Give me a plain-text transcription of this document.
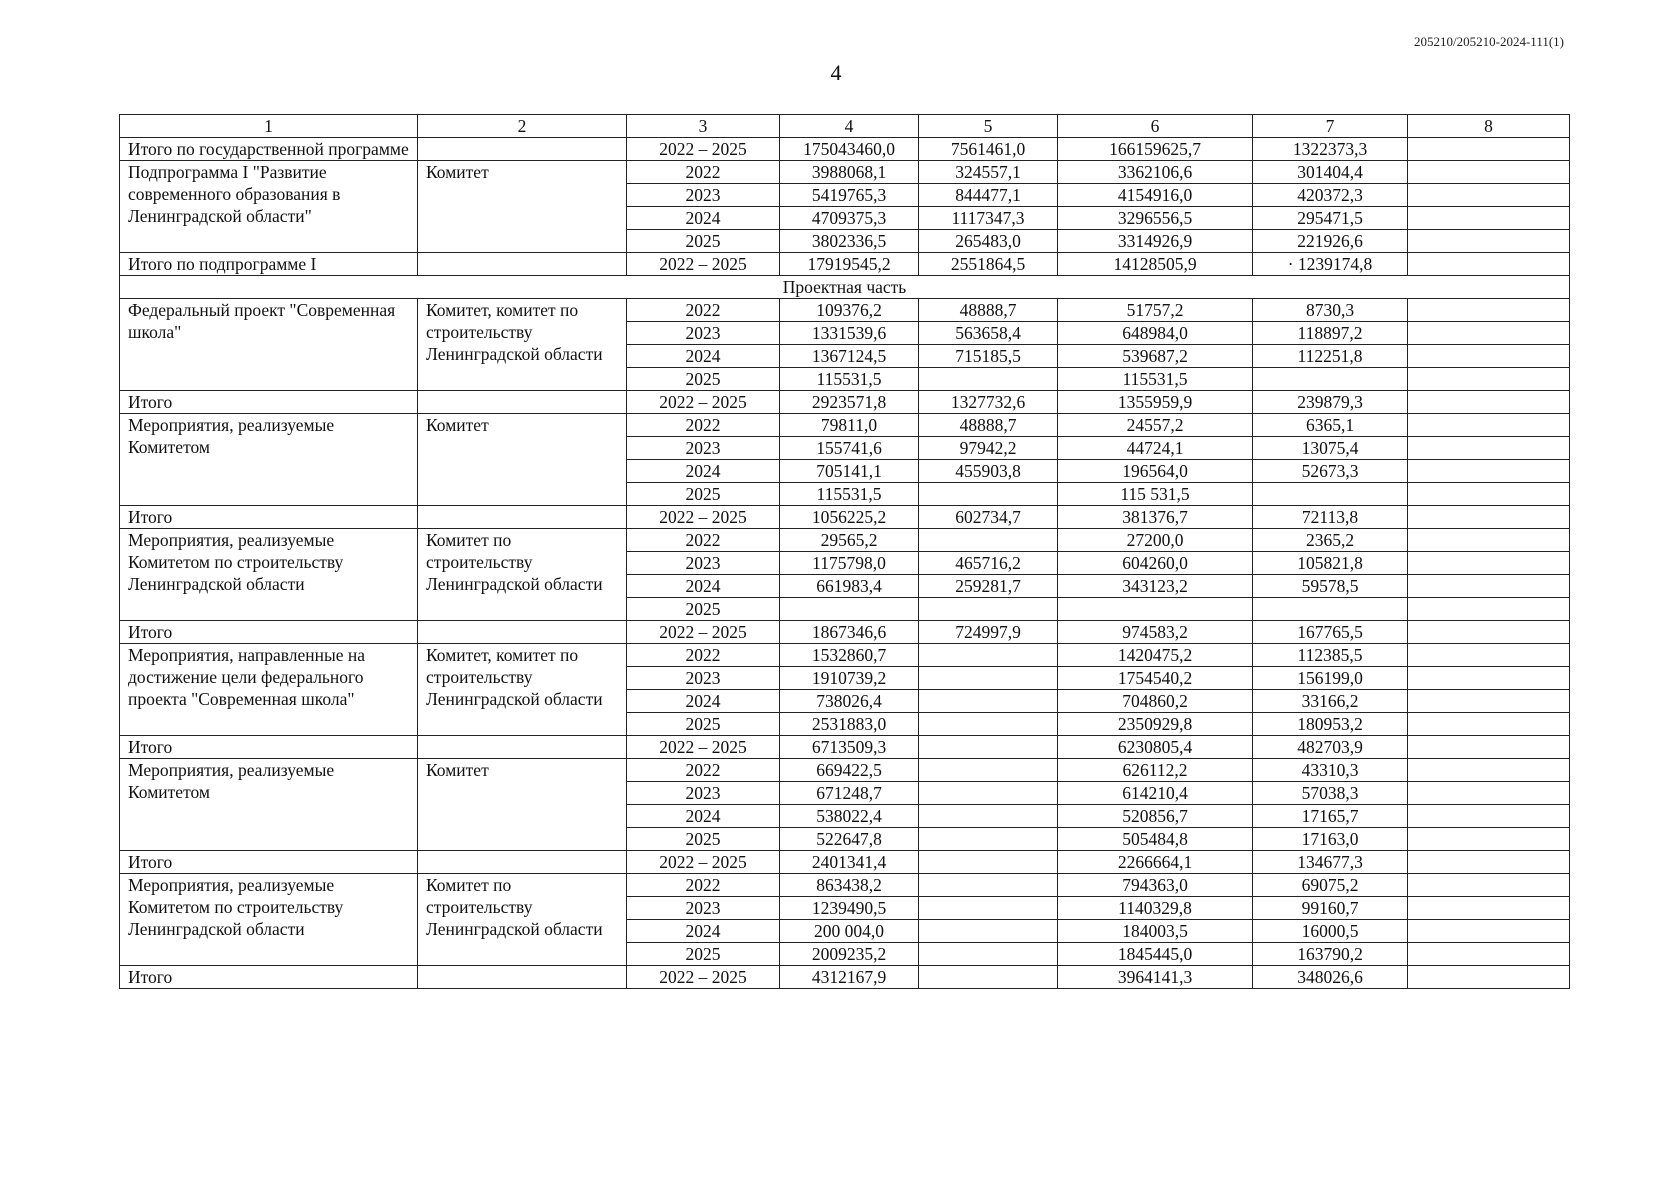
205210/205210-2024-111(1)
4
1	2	3	4	5	6	7	8
Итого по государственной программе		2022 – 2025	175043460,0	7561461,0	166159625,7	1322373,3	
Подпрограмма I "Развитие современного образования в Ленинградской области"	Комитет	2022	3988068,1	324557,1	3362106,6	301404,4	
		2023	5419765,3	844477,1	4154916,0	420372,3	
		2024	4709375,3	1117347,3	3296556,5	295471,5	
		2025	3802336,5	265483,0	3314926,9	221926,6	
Итого по подпрограмме I		2022 – 2025	17919545,2	2551864,5	14128505,9	· 1239174,8	
Проектная часть							
Федеральный проект "Современная школа"	Комитет, комитет по строительству Ленинградской области	2022	109376,2	48888,7	51757,2	8730,3	
		2023	1331539,6	563658,4	648984,0	118897,2	
		2024	1367124,5	715185,5	539687,2	112251,8	
		2025	115531,5		115531,5		
Итого		2022 – 2025	2923571,8	1327732,6	1355959,9	239879,3	
Мероприятия, реализуемые Комитетом	Комитет	2022	79811,0	48888,7	24557,2	6365,1	
		2023	155741,6	97942,2	44724,1	13075,4	
		2024	705141,1	455903,8	196564,0	52673,3	
		2025	115531,5		115 531,5		
Итого		2022 – 2025	1056225,2	602734,7	381376,7	72113,8	
Мероприятия, реализуемые Комитетом по строительству Ленинградской области	Комитет по строительству Ленинградской области	2022	29565,2		27200,0	2365,2	
		2023	1175798,0	465716,2	604260,0	105821,8	
		2024	661983,4	259281,7	343123,2	59578,5	
		2025					
Итого		2022 – 2025	1867346,6	724997,9	974583,2	167765,5	
Мероприятия, направленные на достижение цели федерального проекта "Современная школа"	Комитет, комитет по строительству Ленинградской области	2022	1532860,7		1420475,2	112385,5	
		2023	1910739,2		1754540,2	156199,0	
		2024	738026,4		704860,2	33166,2	
		2025	2531883,0		2350929,8	180953,2	
Итого		2022 – 2025	6713509,3		6230805,4	482703,9	
Мероприятия, реализуемые Комитетом	Комитет	2022	669422,5		626112,2	43310,3	
		2023	671248,7		614210,4	57038,3	
		2024	538022,4		520856,7	17165,7	
		2025	522647,8		505484,8	17163,0	
Итого		2022 – 2025	2401341,4		2266664,1	134677,3	
Мероприятия, реализуемые Комитетом по строительству Ленинградской области	Комитет по строительству Ленинградской области	2022	863438,2		794363,0	69075,2	
		2023	1239490,5		1140329,8	99160,7	
		2024	200 004,0		184003,5	16000,5	
		2025	2009235,2		1845445,0	163790,2	
Итого		2022 – 2025	4312167,9		3964141,3	348026,6	
